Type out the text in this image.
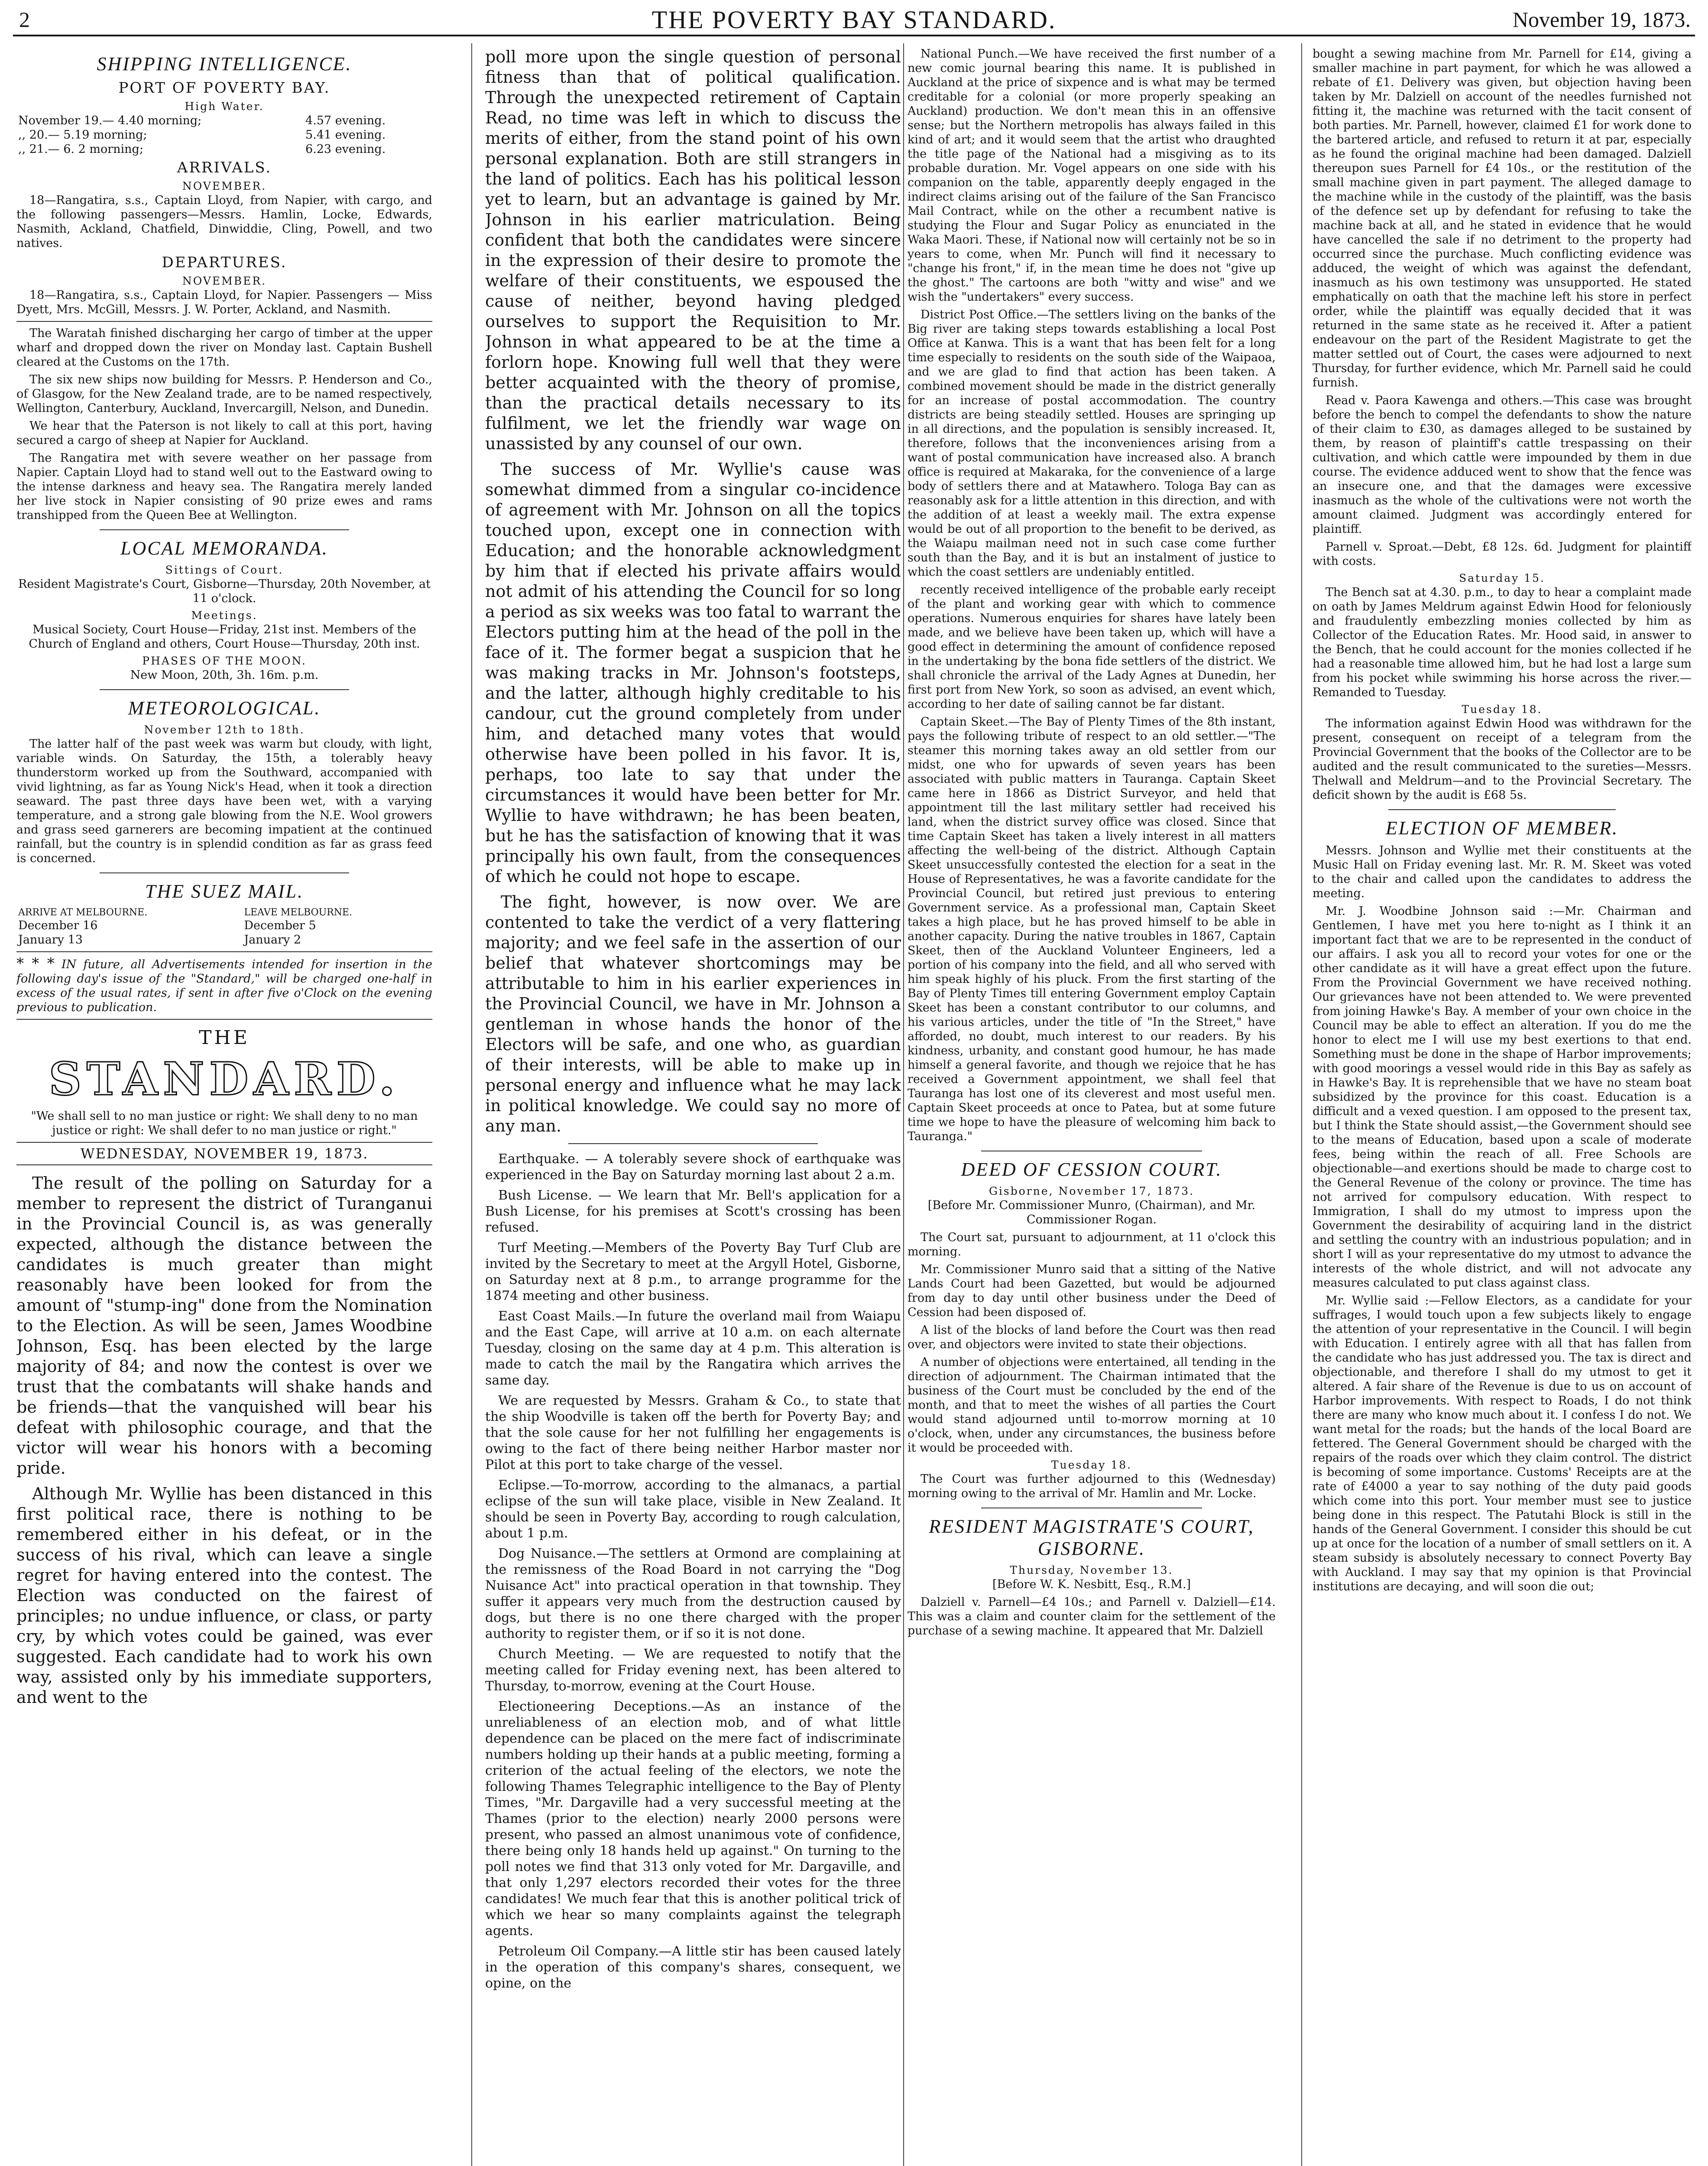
2	THE POVERTY BAY STANDARD.	November 19, 1873.
SHIPPING INTELLIGENCE.
PORT OF POVERTY BAY.
High Water.
November 19.— 4.40 morning;	4.57 evening.
,, 20.— 5.19 morning;	5.41 evening.
,, 21.— 6. 2 morning;	6.23 evening.
ARRIVALS.
NOVEMBER.

18—Rangatira, s.s., Captain Lloyd, from Napier, with cargo, and the following passengers—Messrs. Hamlin, Locke, Edwards, Nasmith, Ackland, Chatfield, Dinwiddie, Cling, Powell, and two natives.

DEPARTURES.
NOVEMBER.

18—Rangatira, s.s., Captain Lloyd, for Napier. Passengers — Miss Dyett, Mrs. McGill, Messrs. J. W. Porter, Ackland, and Nasmith.

The Waratah finished discharging her cargo of timber at the upper wharf and dropped down the river on Monday last. Captain Bushell cleared at the Customs on the 17th.

The six new ships now building for Messrs. P. Henderson and Co., of Glasgow, for the New Zealand trade, are to be named respectively, Wellington, Canterbury, Auckland, Invercargill, Nelson, and Dunedin.

We hear that the Paterson is not likely to call at this port, having secured a cargo of sheep at Napier for Auckland.

The Rangatira met with severe weather on her passage from Napier. Captain Lloyd had to stand well out to the Eastward owing to the intense darkness and heavy sea. The Rangatira merely landed her live stock in Napier consisting of 90 prize ewes and rams transhipped from the Queen Bee at Wellington.

LOCAL MEMORANDA.
Sittings of Court.

Resident Magistrate's Court, Gisborne—Thursday, 20th November, at 11 o'clock.

Meetings.

Musical Society, Court House—Friday, 21st inst. Members of the Church of England and others, Court House—Thursday, 20th inst.

PHASES OF THE MOON.

New Moon, 20th, 3h. 16m. p.m.

METEOROLOGICAL.
November 12th to 18th.

The latter half of the past week was warm but cloudy, with light, variable winds. On Saturday, the 15th, a tolerably heavy thunderstorm worked up from the Southward, accompanied with vivid lightning, as far as Young Nick's Head, when it took a direction seaward. The past three days have been wet, with a varying temperature, and a strong gale blowing from the N.E. Wool growers and grass seed garnerers are becoming impatient at the continued rainfall, but the country is in splendid condition as far as grass feed is concerned.

THE SUEZ MAIL.
ARRIVE AT MELBOURNE.	LEAVE MELBOURNE.
December 16	December 5
January 13	January 2

* * * IN future, all Advertisements intended for insertion in the following day's issue of the "Standard," will be charged one-half in excess of the usual rates, if sent in after five o'Clock on the evening previous to publication.

THE
STANDARD.

"We shall sell to no man justice or right: We shall deny to no man justice or right: We shall defer to no man justice or right."

WEDNESDAY, NOVEMBER 19, 1873.

The result of the polling on Saturday for a member to represent the district of Turanganui in the Provincial Council is, as was generally expected, although the distance between the candidates is much greater than might reasonably have been looked for from the amount of "stump-ing" done from the Nomination to the Election. As will be seen, James Woodbine Johnson, Esq. has been elected by the large majority of 84; and now the contest is over we trust that the combatants will shake hands and be friends—that the vanquished will bear his defeat with philosophic courage, and that the victor will wear his honors with a becoming pride.

Although Mr. Wyllie has been distanced in this first political race, there is nothing to be remembered either in his defeat, or in the success of his rival, which can leave a single regret for having entered into the contest. The Election was conducted on the fairest of principles; no undue influence, or class, or party cry, by which votes could be gained, was ever suggested. Each candidate had to work his own way, assisted only by his immediate supporters, and went to the

poll more upon the single question of personal fitness than that of political qualification. Through the unexpected retirement of Captain Read, no time was left in which to discuss the merits of either, from the stand point of his own personal explanation. Both are still strangers in the land of politics. Each has his political lesson yet to learn, but an advantage is gained by Mr. Johnson in his earlier matriculation. Being confident that both the candidates were sincere in the expression of their desire to promote the welfare of their constituents, we espoused the cause of neither, beyond having pledged ourselves to support the Requisition to Mr. Johnson in what appeared to be at the time a forlorn hope. Knowing full well that they were better acquainted with the theory of promise, than the practical details necessary to its fulfilment, we let the friendly war wage on unassisted by any counsel of our own.

The success of Mr. Wyllie's cause was somewhat dimmed from a singular co-incidence of agreement with Mr. Johnson on all the topics touched upon, except one in connection with Education; and the honorable acknowledgment by him that if elected his private affairs would not admit of his attending the Council for so long a period as six weeks was too fatal to warrant the Electors putting him at the head of the poll in the face of it. The former begat a suspicion that he was making tracks in Mr. Johnson's footsteps, and the latter, although highly creditable to his candour, cut the ground completely from under him, and detached many votes that would otherwise have been polled in his favor. It is, perhaps, too late to say that under the circumstances it would have been better for Mr. Wyllie to have withdrawn; he has been beaten, but he has the satisfaction of knowing that it was principally his own fault, from the consequences of which he could not hope to escape.

The fight, however, is now over. We are contented to take the verdict of a very flattering majority; and we feel safe in the assertion of our belief that whatever shortcomings may be attributable to him in his earlier experiences in the Provincial Council, we have in Mr. Johnson a gentleman in whose hands the honor of the Electors will be safe, and one who, as guardian of their interests, will be able to make up in personal energy and influence what he may lack in political knowledge. We could say no more of any man.

Earthquake. — A tolerably severe shock of earthquake was experienced in the Bay on Saturday morning last about 2 a.m.

Bush License. — We learn that Mr. Bell's application for a Bush License, for his premises at Scott's crossing has been refused.

Turf Meeting.—Members of the Poverty Bay Turf Club are invited by the Secretary to meet at the Argyll Hotel, Gisborne, on Saturday next at 8 p.m., to arrange programme for the 1874 meeting and other business.

East Coast Mails.—In future the overland mail from Waiapu and the East Cape, will arrive at 10 a.m. on each alternate Tuesday, closing on the same day at 4 p.m. This alteration is made to catch the mail by the Rangatira which arrives the same day.

We are requested by Messrs. Graham & Co., to state that the ship Woodville is taken off the berth for Poverty Bay; and that the sole cause for her not fulfilling her engagements is owing to the fact of there being neither Harbor master nor Pilot at this port to take charge of the vessel.

Eclipse.—To-morrow, according to the almanacs, a partial eclipse of the sun will take place, visible in New Zealand. It should be seen in Poverty Bay, according to rough calculation, about 1 p.m.

Dog Nuisance.—The settlers at Ormond are complaining at the remissness of the Road Board in not carrying the "Dog Nuisance Act" into practical operation in that township. They suffer it appears very much from the destruction caused by dogs, but there is no one there charged with the proper authority to register them, or if so it is not done.

Church Meeting. — We are requested to notify that the meeting called for Friday evening next, has been altered to Thursday, to-morrow, evening at the Court House.

Electioneering Deceptions.—As an instance of the unreliableness of an election mob, and of what little dependence can be placed on the mere fact of indiscriminate numbers holding up their hands at a public meeting, forming a criterion of the actual feeling of the electors, we note the following Thames Telegraphic intelligence to the Bay of Plenty Times, "Mr. Dargaville had a very successful meeting at the Thames (prior to the election) nearly 2000 persons were present, who passed an almost unanimous vote of confidence, there being only 18 hands held up against." On turning to the poll notes we find that 313 only voted for Mr. Dargaville, and that only 1,297 electors recorded their votes for the three candidates! We much fear that this is another political trick of which we hear so many complaints against the telegraph agents.

Petroleum Oil Company.—A little stir has been caused lately in the operation of this company's shares, consequent, we opine, on the

National Punch.—We have received the first number of a new comic journal bearing this name. It is published in Auckland at the price of sixpence and is what may be termed creditable for a colonial (or more properly speaking an Auckland) production. We don't mean this in an offensive sense; but the Northern metropolis has always failed in this kind of art; and it would seem that the artist who draughted the title page of the National had a misgiving as to its probable duration. Mr. Vogel appears on one side with his companion on the table, apparently deeply engaged in the indirect claims arising out of the failure of the San Francisco Mail Contract, while on the other a recumbent native is studying the Flour and Sugar Policy as enunciated in the Waka Maori. These, if National now will certainly not be so in years to come, when Mr. Punch will find it necessary to "change his front," if, in the mean time he does not "give up the ghost." The cartoons are both "witty and wise" and we wish the "undertakers" every success.

District Post Office.—The settlers living on the banks of the Big river are taking steps towards establishing a local Post Office at Kanwa. This is a want that has been felt for a long time especially to residents on the south side of the Waipaoa, and we are glad to find that action has been taken. A combined movement should be made in the district generally for an increase of postal accommodation. The country districts are being steadily settled. Houses are springing up in all directions, and the population is sensibly increased. It, therefore, follows that the inconveniences arising from a want of postal communication have increased also. A branch office is required at Makaraka, for the convenience of a large body of settlers there and at Matawhero. Tologa Bay can as reasonably ask for a little attention in this direction, and with the addition of at least a weekly mail. The extra expense would be out of all proportion to the benefit to be derived, as the Waiapu mailman need not in such case come further south than the Bay, and it is but an instalment of justice to which the coast settlers are undeniably entitled.

recently received intelligence of the probable early receipt of the plant and working gear with which to commence operations. Numerous enquiries for shares have lately been made, and we believe have been taken up, which will have a good effect in determining the amount of confidence reposed in the undertaking by the bona fide settlers of the district. We shall chronicle the arrival of the Lady Agnes at Dunedin, her first port from New York, so soon as advised, an event which, according to her date of sailing cannot be far distant.

Captain Skeet.—The Bay of Plenty Times of the 8th instant, pays the following tribute of respect to an old settler.—"The steamer this morning takes away an old settler from our midst, one who for upwards of seven years has been associated with public matters in Tauranga. Captain Skeet came here in 1866 as District Surveyor, and held that appointment till the last military settler had received his land, when the district survey office was closed. Since that time Captain Skeet has taken a lively interest in all matters affecting the well-being of the district. Although Captain Skeet unsuccessfully contested the election for a seat in the House of Representatives, he was a favorite candidate for the Provincial Council, but retired just previous to entering Government service. As a professional man, Captain Skeet takes a high place, but he has proved himself to be able in another capacity. During the native troubles in 1867, Captain Skeet, then of the Auckland Volunteer Engineers, led a portion of his company into the field, and all who served with him speak highly of his pluck. From the first starting of the Bay of Plenty Times till entering Government employ Captain Skeet has been a constant contributor to our columns, and his various articles, under the title of "In the Street," have afforded, no doubt, much interest to our readers. By his kindness, urbanity, and constant good humour, he has made himself a general favorite, and though we rejoice that he has received a Government appointment, we shall feel that Tauranga has lost one of its cleverest and most useful men. Captain Skeet proceeds at once to Patea, but at some future time we hope to have the pleasure of welcoming him back to Tauranga."

DEED OF CESSION COURT.
Gisborne, November 17, 1873.

[Before Mr. Commissioner Munro, (Chairman), and Mr. Commissioner Rogan.

The Court sat, pursuant to adjournment, at 11 o'clock this morning.

Mr. Commissioner Munro said that a sitting of the Native Lands Court had been Gazetted, but would be adjourned from day to day until other business under the Deed of Cession had been disposed of.

A list of the blocks of land before the Court was then read over, and objectors were invited to state their objections.

A number of objections were entertained, all tending in the direction of adjournment. The Chairman intimated that the business of the Court must be concluded by the end of the month, and that to meet the wishes of all parties the Court would stand adjourned until to-morrow morning at 10 o'clock, when, under any circumstances, the business before it would be proceeded with.

Tuesday 18.

The Court was further adjourned to this (Wednesday) morning owing to the arrival of Mr. Hamlin and Mr. Locke.

RESIDENT MAGISTRATE'S COURT, GISBORNE.
Thursday, November 13.

[Before W. K. Nesbitt, Esq., R.M.]

Dalziell v. Parnell—£4 10s.; and Parnell v. Dalziell—£14. This was a claim and counter claim for the settlement of the purchase of a sewing machine. It appeared that Mr. Dalziell

bought a sewing machine from Mr. Parnell for £14, giving a smaller machine in part payment, for which he was allowed a rebate of £1. Delivery was given, but objection having been taken by Mr. Dalziell on account of the needles furnished not fitting it, the machine was returned with the tacit consent of both parties. Mr. Parnell, however, claimed £1 for work done to the bartered article, and refused to return it at par, especially as he found the original machine had been damaged. Dalziell thereupon sues Parnell for £4 10s., or the restitution of the small machine given in part payment. The alleged damage to the machine while in the custody of the plaintiff, was the basis of the defence set up by defendant for refusing to take the machine back at all, and he stated in evidence that he would have cancelled the sale if no detriment to the property had occurred since the purchase. Much conflicting evidence was adduced, the weight of which was against the defendant, inasmuch as his own testimony was unsupported. He stated emphatically on oath that the machine left his store in perfect order, while the plaintiff was equally decided that it was returned in the same state as he received it. After a patient endeavour on the part of the Resident Magistrate to get the matter settled out of Court, the cases were adjourned to next Thursday, for further evidence, which Mr. Parnell said he could furnish.

Read v. Paora Kawenga and others.—This case was brought before the bench to compel the defendants to show the nature of their claim to £30, as damages alleged to be sustained by them, by reason of plaintiff's cattle trespassing on their cultivation, and which cattle were impounded by them in due course. The evidence adduced went to show that the fence was an insecure one, and that the damages were excessive inasmuch as the whole of the cultivations were not worth the amount claimed. Judgment was accordingly entered for plaintiff.

Parnell v. Sproat.—Debt, £8 12s. 6d. Judgment for plaintiff with costs.

Saturday 15.

The Bench sat at 4.30. p.m., to day to hear a complaint made on oath by James Meldrum against Edwin Hood for feloniously and fraudulently embezzling monies collected by him as Collector of the Education Rates. Mr. Hood said, in answer to the Bench, that he could account for the monies collected if he had a reasonable time allowed him, but he had lost a large sum from his pocket while swimming his horse across the river.—Remanded to Tuesday.

Tuesday 18.

The information against Edwin Hood was withdrawn for the present, consequent on receipt of a telegram from the Provincial Government that the books of the Collector are to be audited and the result communicated to the sureties—Messrs. Thelwall and Meldrum—and to the Provincial Secretary. The deficit shown by the audit is £68 5s.

ELECTION OF MEMBER.

Messrs. Johnson and Wyllie met their constituents at the Music Hall on Friday evening last. Mr. R. M. Skeet was voted to the chair and called upon the candidates to address the meeting.

Mr. J. Woodbine Johnson said :—Mr. Chairman and Gentlemen, I have met you here to-night as I think it an important fact that we are to be represented in the conduct of our affairs. I ask you all to record your votes for one or the other candidate as it will have a great effect upon the future. From the Provincial Government we have received nothing. Our grievances have not been attended to. We were prevented from joining Hawke's Bay. A member of your own choice in the Council may be able to effect an alteration. If you do me the honor to elect me I will use my best exertions to that end. Something must be done in the shape of Harbor improvements; with good moorings a vessel would ride in this Bay as safely as in Hawke's Bay. It is reprehensible that we have no steam boat subsidized by the province for this coast. Education is a difficult and a vexed question. I am opposed to the present tax, but I think the State should assist,—the Government should see to the means of Education, based upon a scale of moderate fees, being within the reach of all. Free Schools are objectionable—and exertions should be made to charge cost to the General Revenue of the colony or province. The time has not arrived for compulsory education. With respect to Immigration, I shall do my utmost to impress upon the Government the desirability of acquiring land in the district and settling the country with an industrious population; and in short I will as your representative do my utmost to advance the interests of the whole district, and will not advocate any measures calculated to put class against class.

Mr. Wyllie said :—Fellow Electors, as a candidate for your suffrages, I would touch upon a few subjects likely to engage the attention of your representative in the Council. I will begin with Education. I entirely agree with all that has fallen from the candidate who has just addressed you. The tax is direct and objectionable, and therefore I shall do my utmost to get it altered. A fair share of the Revenue is due to us on account of Harbor improvements. With respect to Roads, I do not think there are many who know much about it. I confess I do not. We want metal for the roads; but the hands of the local Board are fettered. The General Government should be charged with the repairs of the roads over which they claim control. The district is becoming of some importance. Customs' Receipts are at the rate of £4000 a year to say nothing of the duty paid goods which come into this port. Your member must see to justice being done in this respect. The Patutahi Block is still in the hands of the General Government. I consider this should be cut up at once for the location of a number of small settlers on it. A steam subsidy is absolutely necessary to connect Poverty Bay with Auckland. I may say that my opinion is that Provincial institutions are decaying, and will soon die out;
